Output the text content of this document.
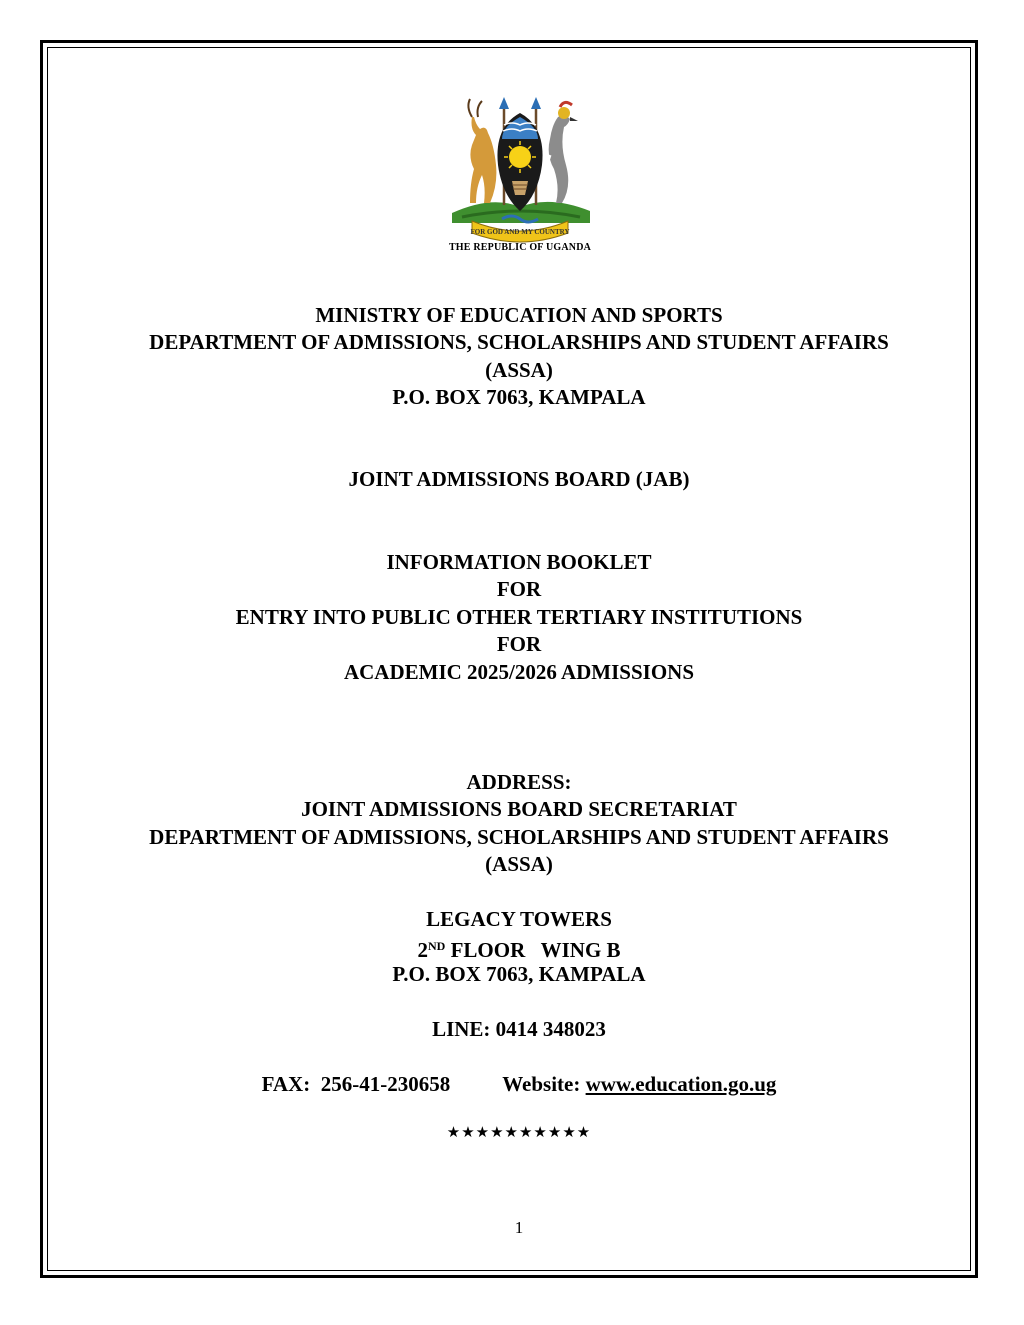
FOR GOD AND MY COUNTRY
THE REPUBLIC OF UGANDA
MINISTRY OF EDUCATION AND SPORTS
DEPARTMENT OF ADMISSIONS, SCHOLARSHIPS AND STUDENT AFFAIRS
(ASSA)
P.O. BOX 7063, KAMPALA
JOINT ADMISSIONS BOARD (JAB)
INFORMATION BOOKLET
FOR
ENTRY INTO PUBLIC OTHER TERTIARY INSTITUTIONS
FOR
ACADEMIC 2025/2026 ADMISSIONS
ADDRESS:
JOINT ADMISSIONS BOARD SECRETARIAT
DEPARTMENT OF ADMISSIONS, SCHOLARSHIPS AND STUDENT AFFAIRS
(ASSA)
LEGACY TOWERS
2ND FLOOR   WING B
P.O. BOX 7063, KAMPALA
LINE: 0414 348023
FAX:  256-41-230658 Website: www.education.go.ug
★★★★★★★★★★
1
